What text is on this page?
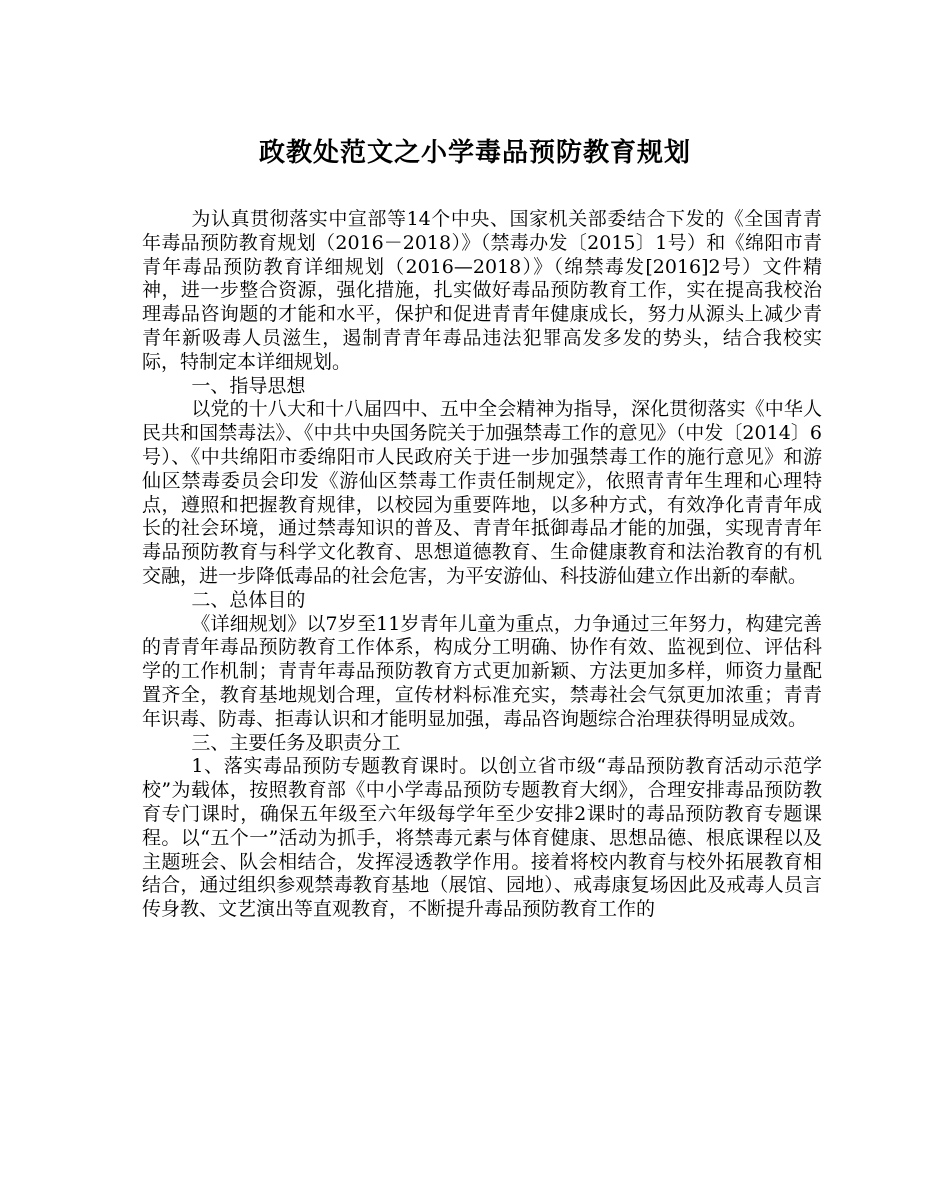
政教处范文之小学毒品预防教育规划

为认真贯彻落实中宣部等14个中央、国家机关部委结合下发的《全国青青年毒品预防教育规划（2016－2018）》（禁毒办发〔2015〕1号）和《绵阳市青青年毒品预防教育详细规划（2016—2018）》（绵禁毒发[2016]2号）文件精神，进一步整合资源，强化措施，扎实做好毒品预防教育工作，实在提高我校治理毒品咨询题的才能和水平，保护和促进青青年健康成长，努力从源头上减少青青年新吸毒人员滋生，遏制青青年毒品违法犯罪高发多发的势头，结合我校实际，特制定本详细规划。

一、指导思想

以党的十八大和十八届四中、五中全会精神为指导，深化贯彻落实《中华人民共和国禁毒法》、《中共中央国务院关于加强禁毒工作的意见》（中发〔2014〕6号）、《中共绵阳市委绵阳市人民政府关于进一步加强禁毒工作的施行意见》和游仙区禁毒委员会印发《游仙区禁毒工作责任制规定》，依照青青年生理和心理特点，遵照和把握教育规律，以校园为重要阵地，以多种方式，有效净化青青年成长的社会环境，通过禁毒知识的普及、青青年抵御毒品才能的加强，实现青青年毒品预防教育与科学文化教育、思想道德教育、生命健康教育和法治教育的有机交融，进一步降低毒品的社会危害，为平安游仙、科技游仙建立作出新的奉献。

二、总体目的

《详细规划》以7岁至11岁青年儿童为重点，力争通过三年努力，构建完善的青青年毒品预防教育工作体系，构成分工明确、协作有效、监视到位、评估科学的工作机制；青青年毒品预防教育方式更加新颖、方法更加多样，师资力量配置齐全，教育基地规划合理，宣传材料标准充实，禁毒社会气氛更加浓重；青青年识毒、防毒、拒毒认识和才能明显加强，毒品咨询题综合治理获得明显成效。

三、主要任务及职责分工

1、落实毒品预防专题教育课时。以创立省市级“毒品预防教育活动示范学校”为载体，按照教育部《中小学毒品预防专题教育大纲》，合理安排毒品预防教育专门课时，确保五年级至六年级每学年至少安排2课时的毒品预防教育专题课程。以“五个一”活动为抓手，将禁毒元素与体育健康、思想品德、根底课程以及主题班会、队会相结合，发挥浸透教学作用。接着将校内教育与校外拓展教育相结合，通过组织参观禁毒教育基地（展馆、园地）、戒毒康复场因此及戒毒人员言传身教、文艺演出等直观教育，不断提升毒品预防教育工作的
